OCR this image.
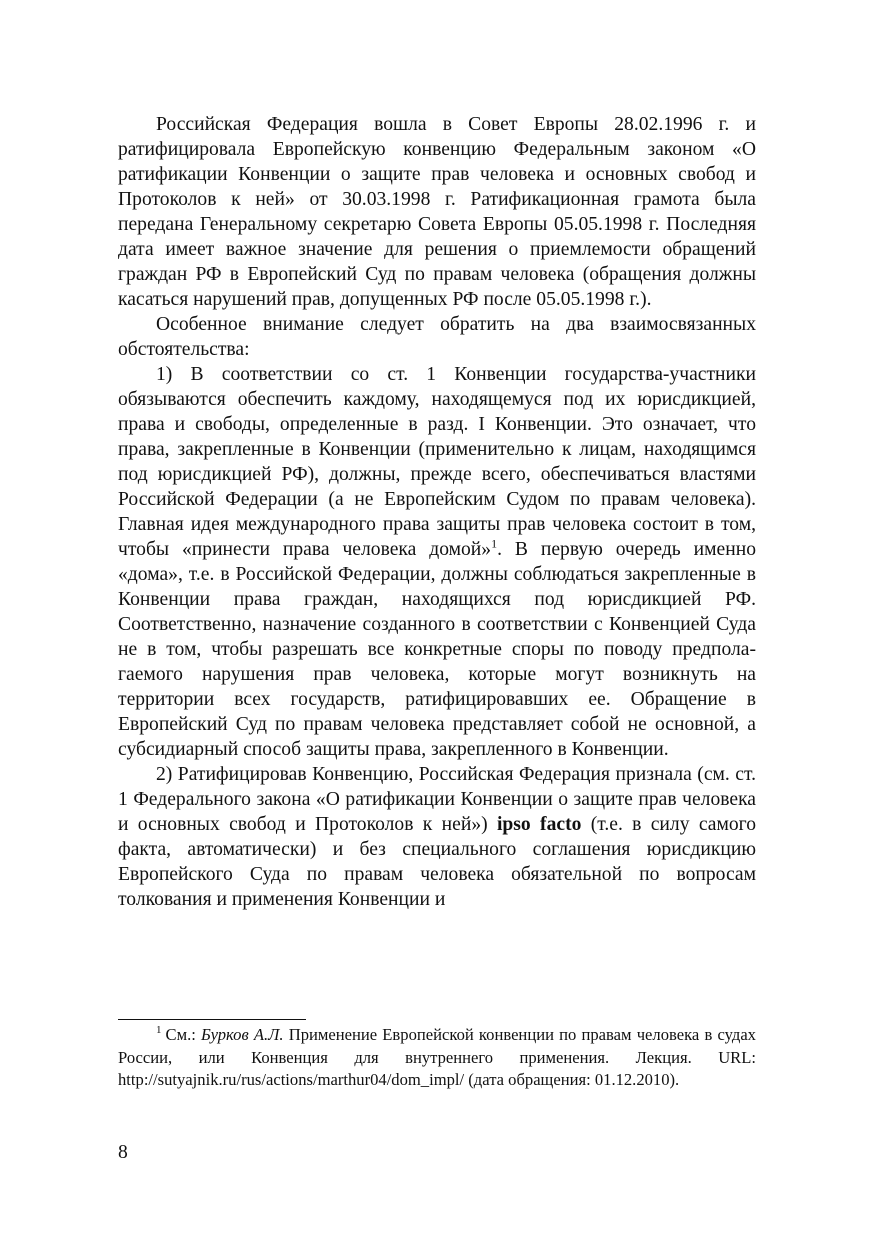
Российская Федерация вошла в Совет Европы 28.02.1996 г. и ратифицировала Европейскую конвенцию Федеральным законом «О ратификации Конвенции о защите прав человека и основных свобод и Протоколов к ней» от 30.03.1998 г. Ратификационная грамота была передана Генеральному секретарю Совета Европы 05.05.1998 г. Последняя дата имеет важное значение для решения о приемлемости обращений граждан РФ в Европейский Суд по правам человека (обращения должны касаться нарушений прав, допущенных РФ после 05.05.1998 г.).

Особенное внимание следует обратить на два взаимосвязанных обстоятельства:

1) В соответствии со ст. 1 Конвенции государства-участники обязываются обеспечить каждому, находящемуся под их юрисдикцией, права и свободы, определенные в разд. I Конвенции. Это означает, что права, закрепленные в Конвенции (применительно к лицам, находящимся под юрисдикцией РФ), должны, прежде всего, обеспечиваться властями Российской Федерации (а не Европейским Судом по правам человека). Главная идея международного права защиты прав человека состоит в том, чтобы «принести права человека домой»$^1$. В первую очередь именно «дома», т.е. в Российской Федерации, должны соблюдаться закрепленные в Конвенции права граждан, находящихся под юрисдикцией РФ. Соответственно, назначение созданного в соответствии с Конвенцией Суда не в том, чтобы разрешать все конкретные споры по поводу предполагаемого нарушения прав человека, которые могут возникнуть на территории всех государств, ратифицировавших ее. Обращение в Европейский Суд по правам человека представляет собой не основной, а субсидиарный способ защиты права, закрепленного в Конвенции.

2) Ратифицировав Конвенцию, Российская Федерация признала (см. ст. 1 Федерального закона «О ратификации Конвенции о защите прав человека и основных свобод и Протоколов к ней») ipso facto (т.е. в силу самого факта, автоматически) и без специального соглашения юрисдикцию Европейского Суда по правам человека обязательной по вопросам толкования и применения Конвенции и

$^1$ См.: Бурков А.Л. Применение Европейской конвенции по правам человека в судах России, или Конвенция для внутреннего применения. Лекция. URL: http://sutyajnik.ru/rus/actions/marthur04/dom_impl/ (дата обращения: 01.12.2010).

8
